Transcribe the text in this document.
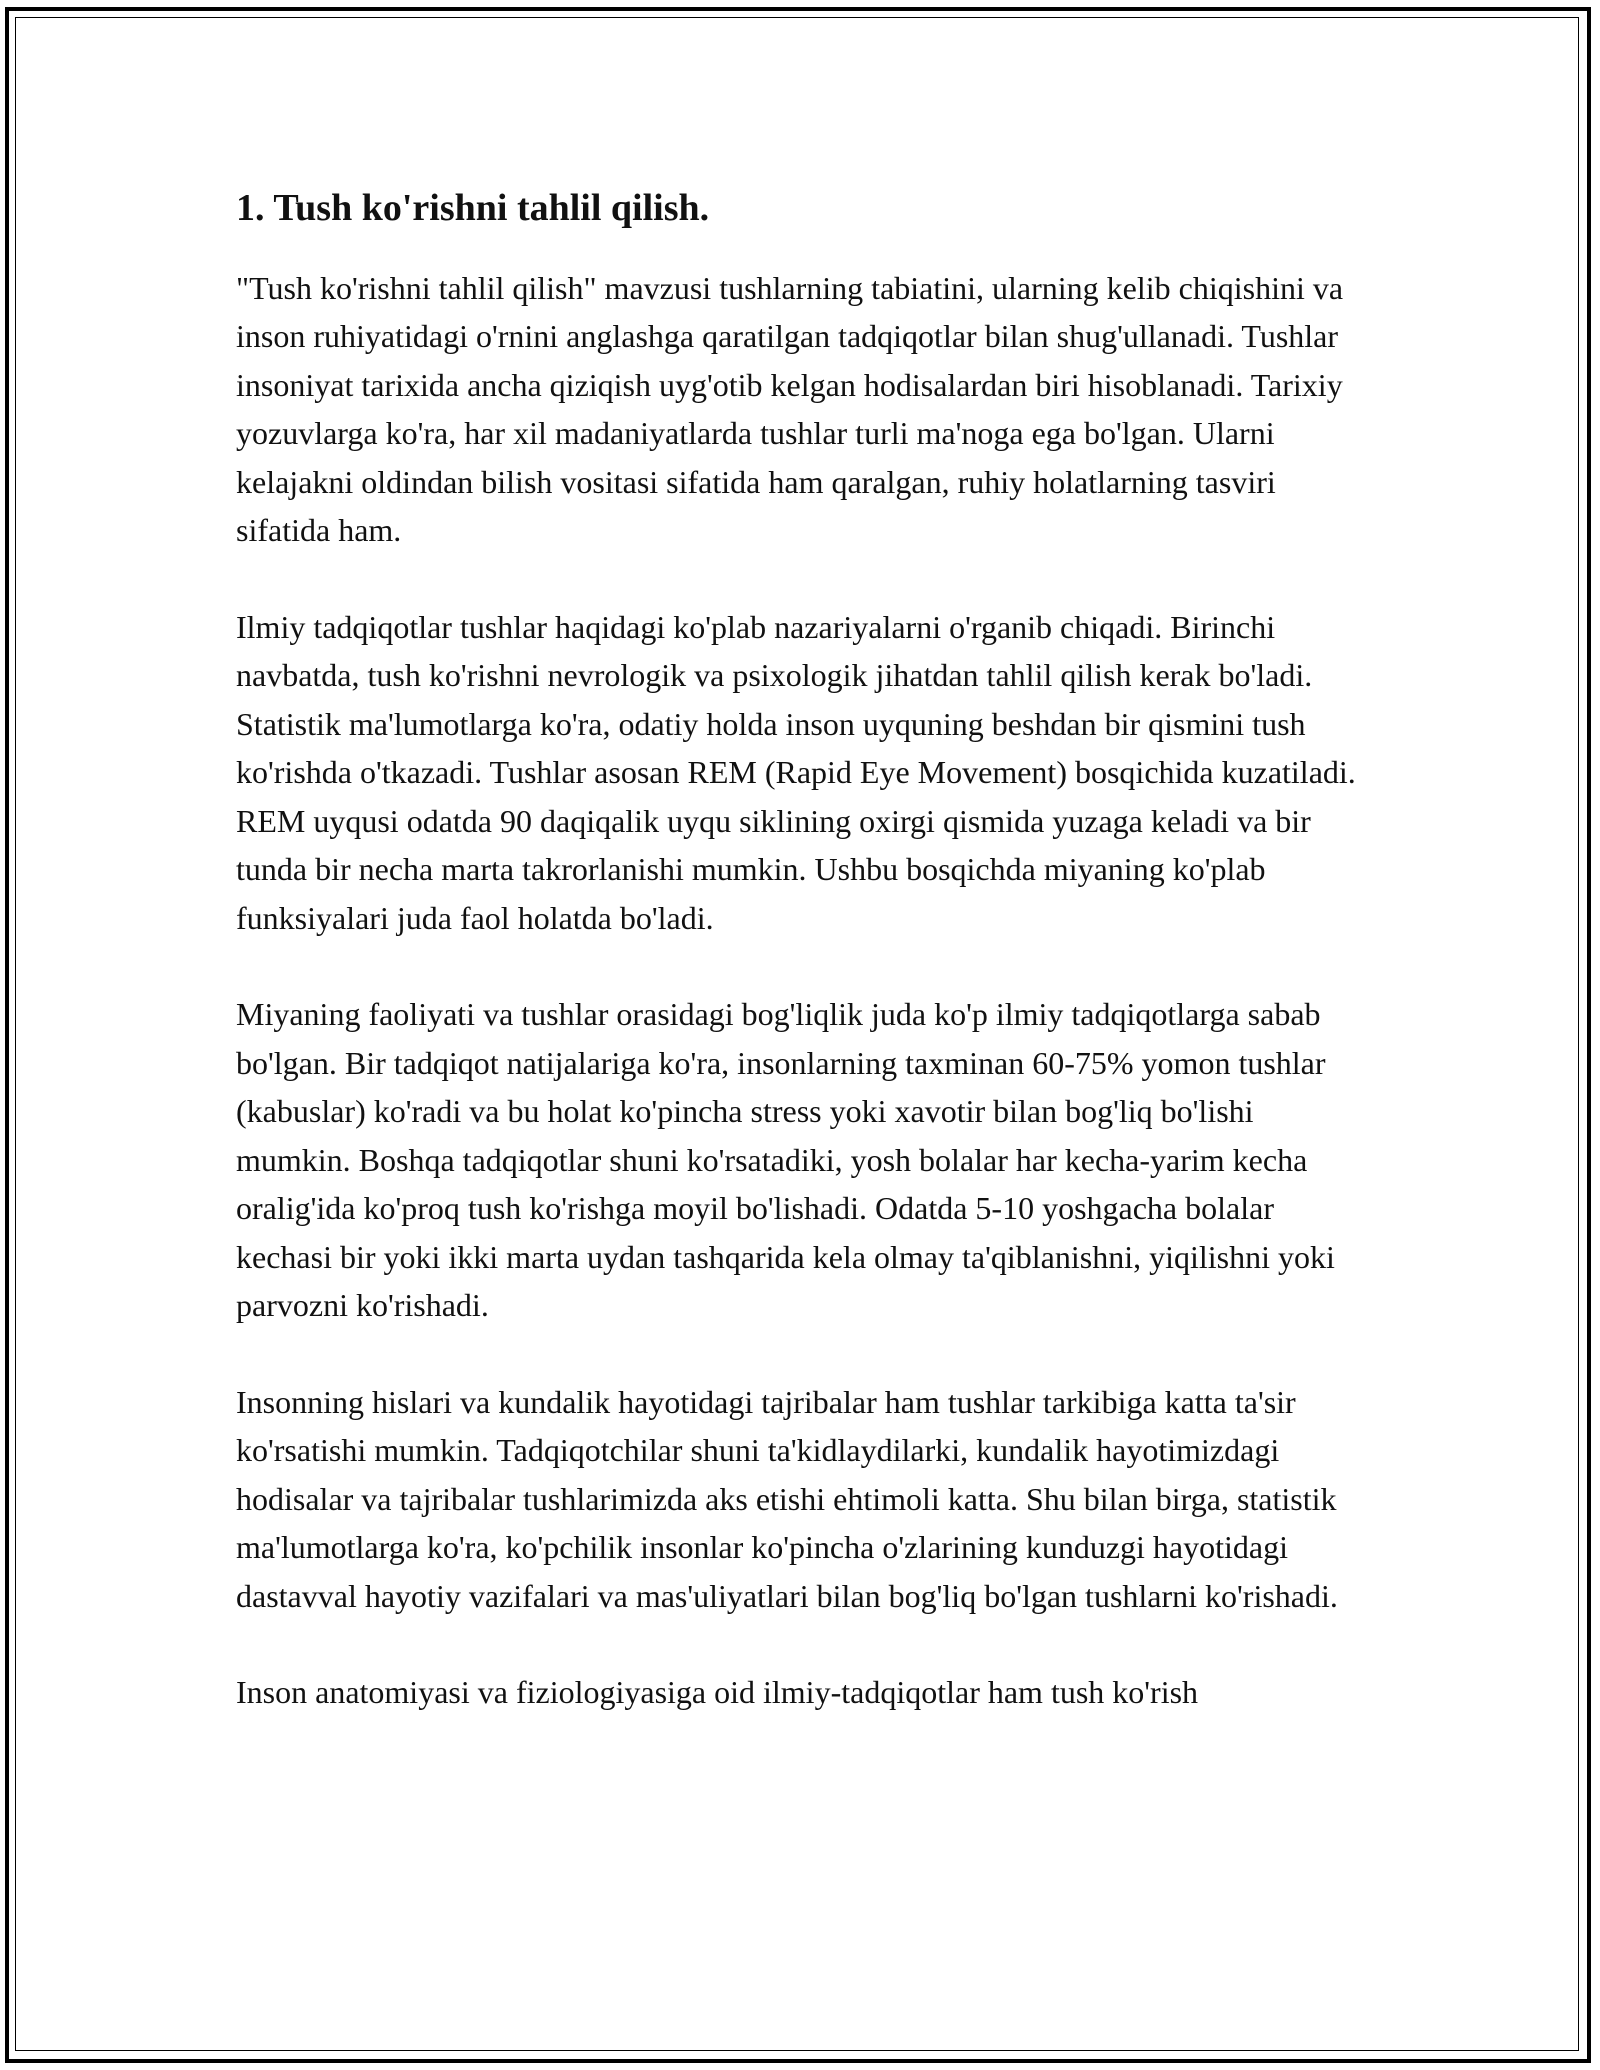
1. Tush ko'rishni tahlil qilish.

"Tush ko'rishni tahlil qilish" mavzusi tushlarning tabiatini, ularning kelib chiqishini va inson ruhiyatidagi o'rnini anglashga qaratilgan tadqiqotlar bilan shug'ullanadi. Tushlar insoniyat tarixida ancha qiziqish uyg'otib kelgan hodisalardan biri hisoblanadi. Tarixiy yozuvlarga ko'ra, har xil madaniyatlarda tushlar turli ma'noga ega bo'lgan. Ularni kelajakni oldindan bilish vositasi sifatida ham qaralgan, ruhiy holatlarning tasviri sifatida ham.

Ilmiy tadqiqotlar tushlar haqidagi ko'plab nazariyalarni o'rganib chiqadi. Birinchi navbatda, tush ko'rishni nevrologik va psixologik jihatdan tahlil qilish kerak bo'ladi. Statistik ma'lumotlarga ko'ra, odatiy holda inson uyquning beshdan bir qismini tush ko'rishda o'tkazadi. Tushlar asosan REM (Rapid Eye Movement) bosqichida kuzatiladi. REM uyqusi odatda 90 daqiqalik uyqu siklining oxirgi qismida yuzaga keladi va bir tunda bir necha marta takrorlanishi mumkin. Ushbu bosqichda miyaning ko'plab funksiyalari juda faol holatda bo'ladi.

Miyaning faoliyati va tushlar orasidagi bog'liqlik juda ko'p ilmiy tadqiqotlarga sabab bo'lgan. Bir tadqiqot natijalariga ko'ra, insonlarning taxminan 60-75% yomon tushlar (kabuslar) ko'radi va bu holat ko'pincha stress yoki xavotir bilan bog'liq bo'lishi mumkin. Boshqa tadqiqotlar shuni ko'rsatadiki, yosh bolalar har kecha-yarim kecha oralig'ida ko'proq tush ko'rishga moyil bo'lishadi. Odatda 5-10 yoshgacha bolalar kechasi bir yoki ikki marta uydan tashqarida kela olmay ta'qiblanishni, yiqilishni yoki parvozni ko'rishadi.

Insonning hislari va kundalik hayotidagi tajribalar ham tushlar tarkibiga katta ta'sir ko'rsatishi mumkin. Tadqiqotchilar shuni ta'kidlaydilarki, kundalik hayotimizdagi hodisalar va tajribalar tushlarimizda aks etishi ehtimoli katta. Shu bilan birga, statistik ma'lumotlarga ko'ra, ko'pchilik insonlar ko'pincha o'zlarining kunduzgi hayotidagi dastavval hayotiy vazifalari va mas'uliyatlari bilan bog'liq bo'lgan tushlarni ko'rishadi.

Inson anatomiyasi va fiziologiyasiga oid ilmiy-tadqiqotlar ham tush ko'rish
